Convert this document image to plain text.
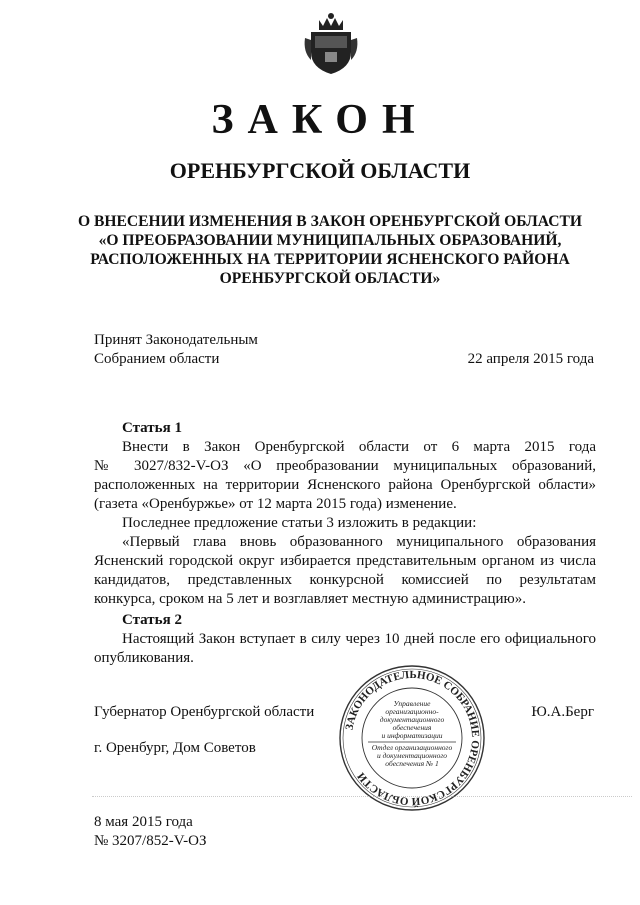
ЗАКОН
ОРЕНБУРГСКОЙ ОБЛАСТИ
О ВНЕСЕНИИ ИЗМЕНЕНИЯ В ЗАКОН ОРЕНБУРГСКОЙ ОБЛАСТИ
«О ПРЕОБРАЗОВАНИИ МУНИЦИПАЛЬНЫХ ОБРАЗОВАНИЙ,
РАСПОЛОЖЕННЫХ НА ТЕРРИТОРИИ ЯСНЕНСКОГО РАЙОНА
ОРЕНБУРГСКОЙ ОБЛАСТИ»
Принят Законодательным
Собранием области	22 апреля 2015 года
Статья 1
Внести в Закон Оренбургской области от 6 марта 2015 года
№ 3027/832-V-ОЗ «О преобразовании муниципальных образований,
расположенных на территории Ясненского района Оренбургской области»
(газета «Оренбуржье» от 12 марта 2015 года) изменение.
Последнее предложение статьи 3 изложить в редакции:
«Первый глава вновь образованного муниципального образования
Ясненский городской округ избирается представительным органом из числа
кандидатов, представленных конкурсной комиссией по результатам
конкурса, сроком на 5 лет и возглавляет местную администрацию».
Статья 2
Настоящий Закон вступает в силу через 10 дней после его официального
опубликования.
ЗАКОНОДАТЕЛЬНОЕ СОБРАНИЕ ОРЕНБУРГСКОЙ ОБЛАСТИ
Управление
организационно-
документационного
обеспечения
и информатизации
Отдел организационного
и документационного
обеспечения № 1
Губернатор Оренбургской области	Ю.А.Берг
г. Оренбург, Дом Советов
8 мая 2015 года
№ 3207/852-V-ОЗ
